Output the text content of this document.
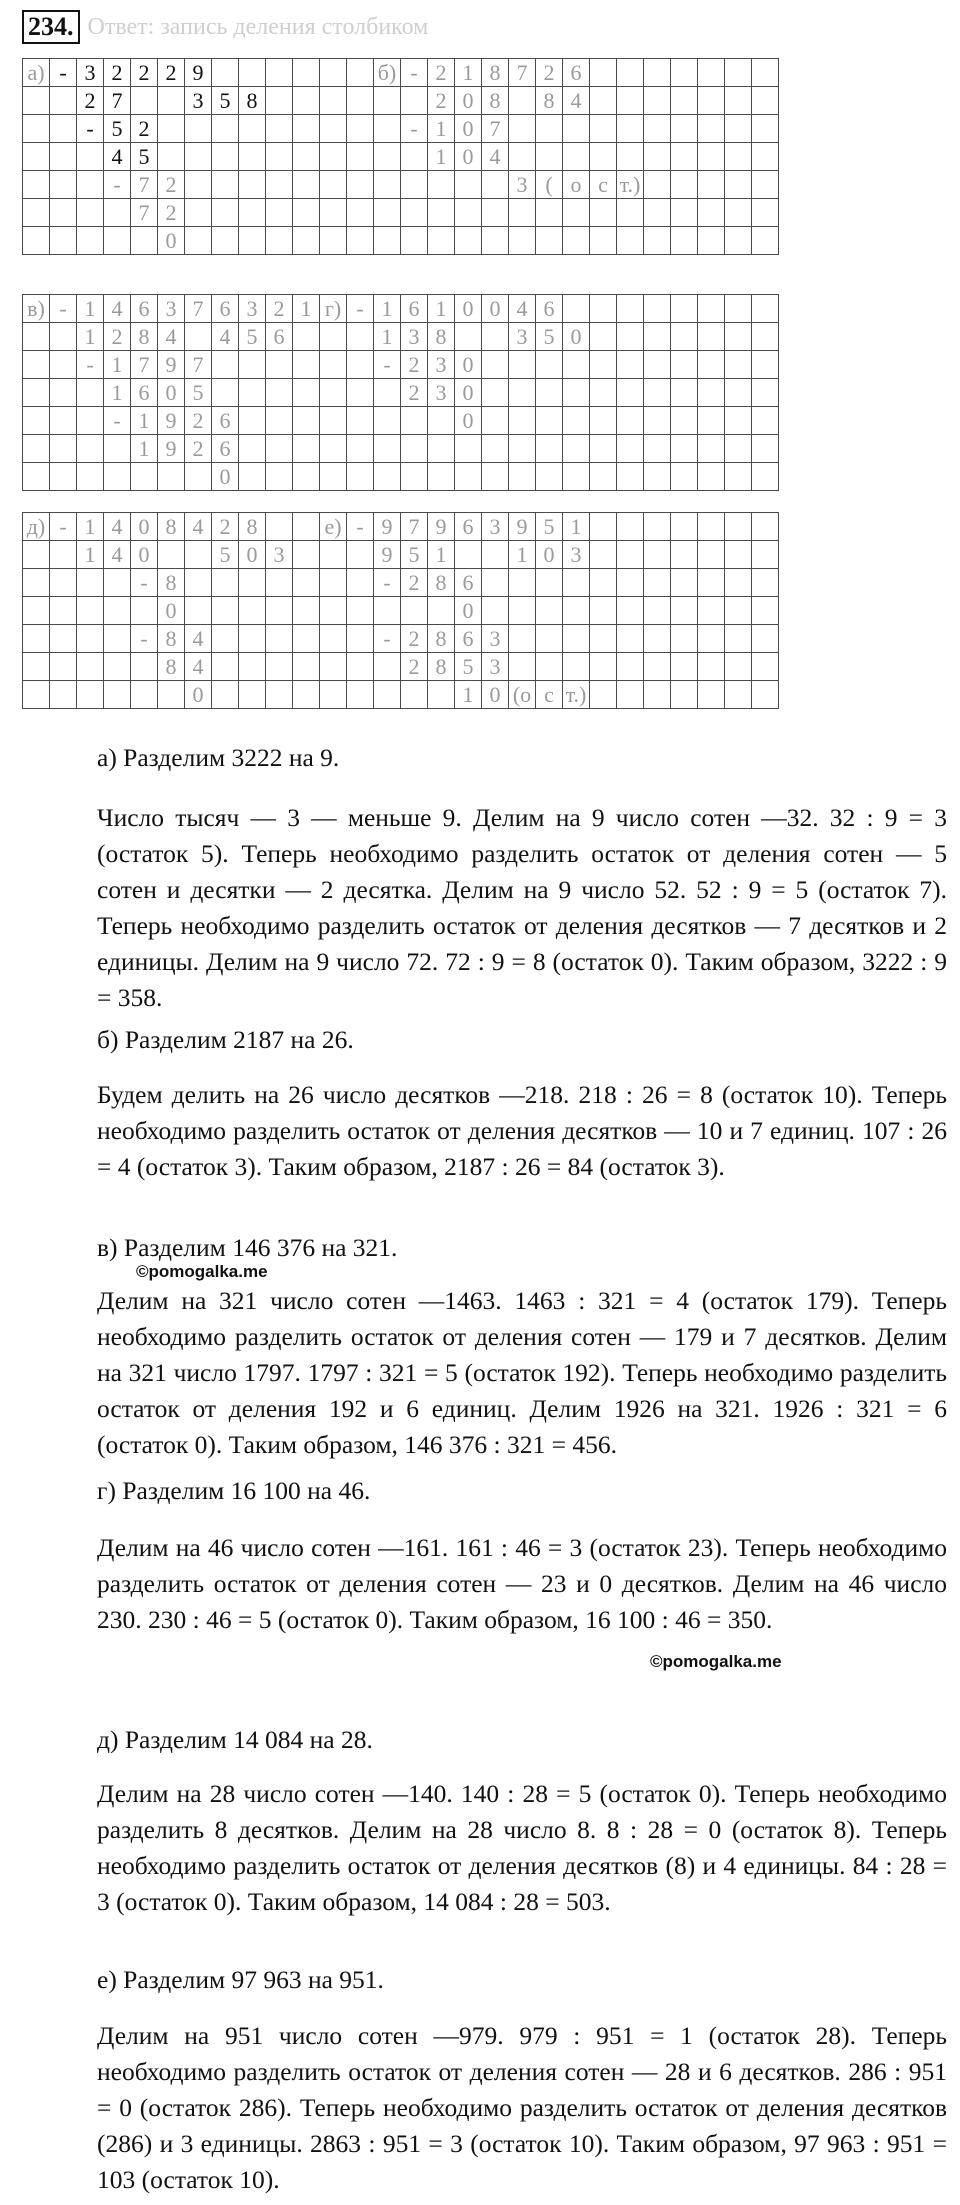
234. Ответ: запись деления столбиком
а)	-	3	2	2	2	9							б)	-	2	1	8	7	2	6							
		2	7			3	5	8							2	0	8		8	4							
		-	5	2										-	1	0	7										
			4	5											1	0	4										
			-	7	2													3	(	о	с	т.)					
				7	2																						
					0																						
в)	-	1	4	6	3	7	6	3	2	1	г)	-	1	6	1	0	0	4	6								
		1	2	8	4		4	5	6				1	3	8			3	5	0							
		-	1	7	9	7							-	2	3	0											
			1	6	0	5								2	3	0											
			-	1	9	2	6									0											
				1	9	2	6																				
							0																				
д)	-	1	4	0	8	4	2	8			е)	-	9	7	9	6	3	9	5	1							
		1	4	0			5	0	3				9	5	1			1	0	3							
				-	8								-	2	8	6											
					0											0											
				-	8	4							-	2	8	6	3										
					8	4								2	8	5	3										
						0										1	0	(о	с	т.)							

а) Разделим 3222 на 9.

Число тысяч — 3 — меньше 9. Делим на 9 число сотен —32. 32 : 9 = 3 (остаток 5). Теперь необходимо разделить остаток от деления сотен — 5 сотен и десятки — 2 десятка. Делим на 9 число 52. 52 : 9 = 5 (остаток 7). Теперь необходимо разделить остаток от деления десятков — 7 десятков и 2 единицы. Делим на 9 число 72. 72 : 9 = 8 (остаток 0). Таким образом, 3222 : 9 = 358.

б) Разделим 2187 на 26.

Будем делить на 26 число десятков —218. 218 : 26 = 8 (остаток 10). Теперь необходимо разделить остаток от деления десятков — 10 и 7 единиц. 107 : 26 = 4 (остаток 3). Таким образом, 2187 : 26 = 84 (остаток 3).

в) Разделим 146 376 на 321.

©pomogalka.me

Делим на 321 число сотен —1463. 1463 : 321 = 4 (остаток 179). Теперь необходимо разделить остаток от деления сотен — 179 и 7 десятков. Делим на 321 число 1797. 1797 : 321 = 5 (остаток 192). Теперь необходимо разделить остаток от деления 192 и 6 единиц. Делим 1926 на 321. 1926 : 321 = 6 (остаток 0). Таким образом, 146 376 : 321 = 456.

г) Разделим 16 100 на 46.

Делим на 46 число сотен —161. 161 : 46 = 3 (остаток 23). Теперь необходимо разделить остаток от деления сотен — 23 и 0 десятков. Делим на 46 число 230. 230 : 46 = 5 (остаток 0). Таким образом, 16 100 : 46 = 350.

©pomogalka.me

д) Разделим 14 084 на 28.

Делим на 28 число сотен —140. 140 : 28 = 5 (остаток 0). Теперь необходимо разделить 8 десятков. Делим на 28 число 8. 8 : 28 = 0 (остаток 8). Теперь необходимо разделить остаток от деления десятков (8) и 4 единицы. 84 : 28 = 3 (остаток 0). Таким образом, 14 084 : 28 = 503.

е) Разделим 97 963 на 951.

Делим на 951 число сотен —979. 979 : 951 = 1 (остаток 28). Теперь необходимо разделить остаток от деления сотен — 28 и 6 десятков. 286 : 951 = 0 (остаток 286). Теперь необходимо разделить остаток от деления десятков (286) и 3 единицы. 2863 : 951 = 3 (остаток 10). Таким образом, 97 963 : 951 = 103 (остаток 10).
